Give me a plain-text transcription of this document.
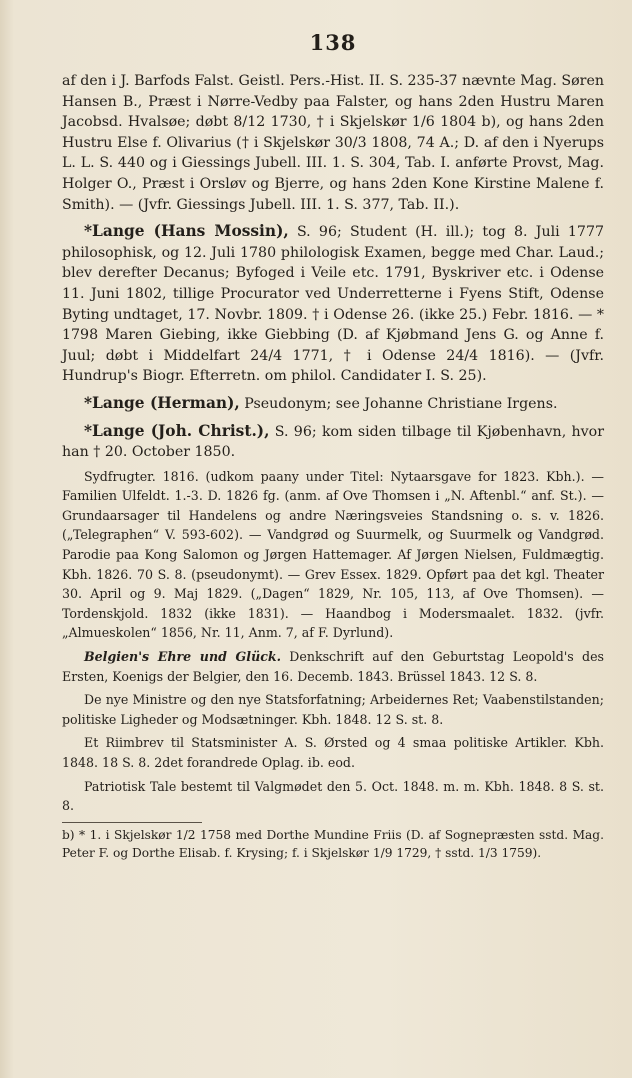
138

af den i J. Barfods Falst. Geistl. Pers.-Hist. II. S. 235-37 nævnte Mag. Søren Hansen B., Præst i Nørre-Vedby paa Falster, og hans 2den Hustru Maren Jacobsd. Hvalsøe; døbt 8/12 1730, † i Skjelskør 1/6 1804 b), og hans 2den Hustru Else f. Olivarius († i Skjelskør 30/3 1808, 74 A.; D. af den i Nyerups L. L. S. 440 og i Giessings Jubell. III. 1. S. 304, Tab. I. anførte Provst, Mag. Holger O., Præst i Orsløv og Bjerre, og hans 2den Kone Kirstine Malene f. Smith). — (Jvfr. Giessings Jubell. III. 1. S. 377, Tab. II.).

*Lange (Hans Mossin), S. 96; Student (H. ill.); tog 8. Juli 1777 philosophisk, og 12. Juli 1780 philologisk Examen, begge med Char. Laud.; blev derefter Decanus; Byfoged i Veile etc. 1791, Byskriver etc. i Odense 11. Juni 1802, tillige Procurator ved Underretterne i Fyens Stift, Odense Byting undtaget, 17. Novbr. 1809. † i Odense 26. (ikke 25.) Febr. 1816. — * 1798 Maren Giebing, ikke Giebbing (D. af Kjøbmand Jens G. og Anne f. Juul; døbt i Middelfart 24/4 1771, † i Odense 24/4 1816). — (Jvfr. Hundrup's Biogr. Efterretn. om philol. Candidater I. S. 25).

*Lange (Herman), Pseudonym; see Johanne Christiane Irgens.

*Lange (Joh. Christ.), S. 96; kom siden tilbage til Kjøbenhavn, hvor han † 20. October 1850.

Sydfrugter. 1816. (udkom paany under Titel: Nytaarsgave for 1823. Kbh.). — Familien Ulfeldt. 1.-3. D. 1826 fg. (anm. af Ove Thomsen i „N. Aftenbl.“ anf. St.). — Grundaarsager til Handelens og andre Næringsveies Standsning o. s. v. 1826. („Telegraphen“ V. 593-602). — Vandgrød og Suurmelk, og Suurmelk og Vandgrød. Parodie paa Kong Salomon og Jørgen Hattemager. Af Jørgen Nielsen, Fuldmægtig. Kbh. 1826. 70 S. 8. (pseudonymt). — Grev Essex. 1829. Opført paa det kgl. Theater 30. April og 9. Maj 1829. („Dagen“ 1829, Nr. 105, 113, af Ove Thomsen). — Tordenskjold. 1832 (ikke 1831). — Haandbog i Modersmaalet. 1832. (jvfr. „Almueskolen“ 1856, Nr. 11, Anm. 7, af F. Dyrlund).

Belgien's Ehre und Glück. Denkschrift auf den Geburtstag Leopold's des Ersten, Koenigs der Belgier, den 16. Decemb. 1843. Brüssel 1843. 12 S. 8.

De nye Ministre og den nye Statsforfatning; Arbeidernes Ret; Vaabenstilstanden; politiske Ligheder og Modsætninger. Kbh. 1848. 12 S. st. 8.

Et Riimbrev til Statsminister A. S. Ørsted og 4 smaa politiske Artikler. Kbh. 1848. 18 S. 8. 2det forandrede Oplag. ib. eod.

Patriotisk Tale bestemt til Valgmødet den 5. Oct. 1848. m. m. Kbh. 1848. 8 S. st. 8.

b) * 1. i Skjelskør 1/2 1758 med Dorthe Mundine Friis (D. af Sognepræsten sstd. Mag. Peter F. og Dorthe Elisab. f. Krysing; f. i Skjelskør 1/9 1729, † sstd. 1/3 1759).
